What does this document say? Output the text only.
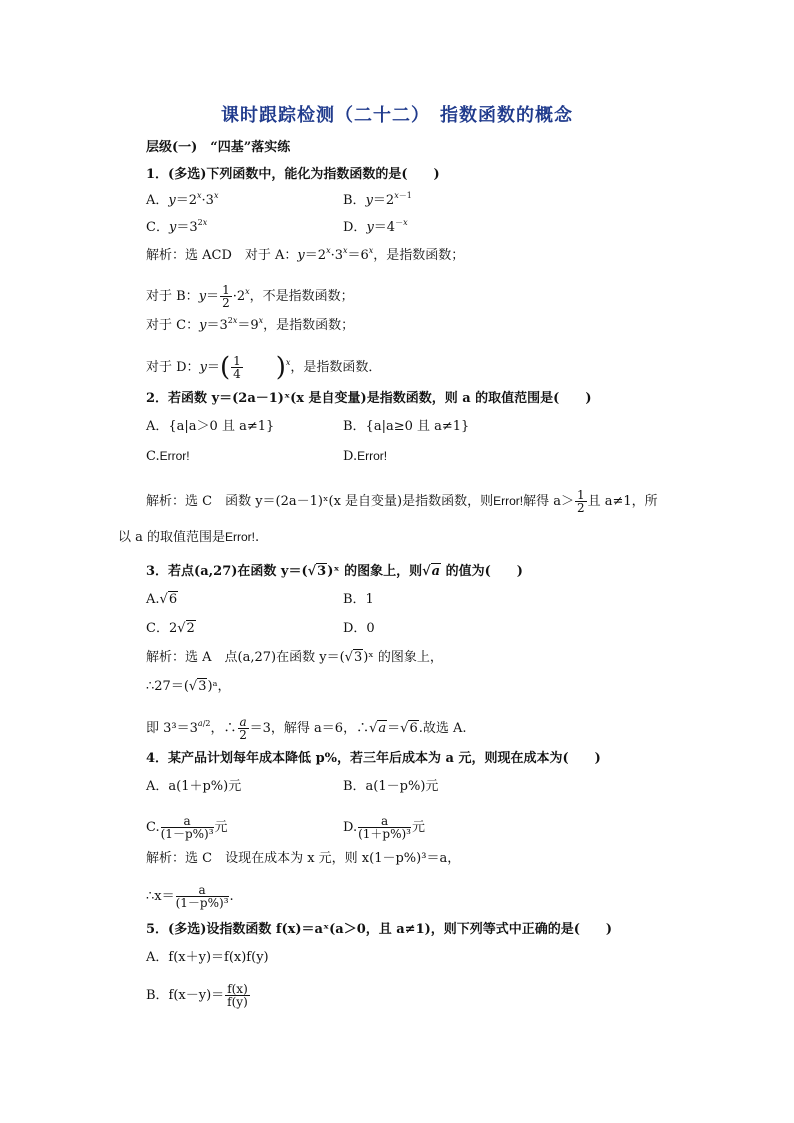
课时跟踪检测（二十二）　指数函数的概念
层级(一)　“四基”落实练
1．(多选)下列函数中，能化为指数函数的是(　　)
A．$y=2^x\cdot 3^x$	B．$y=2^{x-1}$
C．$y=3^{2x}$	D．$y=4^{-x}$
解析：选 ACD　对于 A：$y=2^x\cdot 3^x=6^x$，是指数函数；
对于 B：$y= \frac{1}{2} \cdot 2^x$，不是指数函数；
对于 C：$y=3^{2x}=9^x$，是指数函数；
对于 D：$y=( \frac{1}{4} )^x$，是指数函数．
2．若函数 y＝(2a－1)ˣ(x 是自变量)是指数函数，则 a 的取值范围是(　　)
A．{a|a＞0 且 a≠1}	B．{a|a≥0 且 a≠1}
C.Error!	D.Error!
解析：选 C　函数 y＝(2a－1)ˣ(x 是自变量)是指数函数，则Error!解得 $a> \frac{1}{2}$ 且 a≠1，所
以 a 的取值范围是Error!.
3．若点(a,27)在函数 y＝(√3)ˣ 的图象上，则√a 的值为(　　)
A.√6	B．1
C．2√2	D．0
解析：选 A　点(a,27)在函数 y＝(√3)ˣ 的图象上，
∴27＝(√3)ᵃ，
即 $3^3=3^{a/2}$，∴ $\frac{a}{2} =3$，解得 a＝6，∴√a＝√6.故选 A.
4．某产品计划每年成本降低 p%，若三年后成本为 a 元，则现在成本为(　　)
A．a(1＋p%)元	B．a(1－p%)元
C. $\frac{a}{\text{(1－p\%)³}}$ 元	D. $\frac{a}{\text{(1＋p\%)³}}$ 元
解析：选 C　设现在成本为 x 元，则 x(1－p%)³＝a，
∴x＝ $\frac{a}{\text{(1－p\%)³}}$ .
5．(多选)设指数函数 f(x)＝aˣ(a＞0，且 a≠1)，则下列等式中正确的是(　　)
A．f(x＋y)＝f(x)f(y)
B．$f(x-y)= \frac{f(x)}{f(y)}$
